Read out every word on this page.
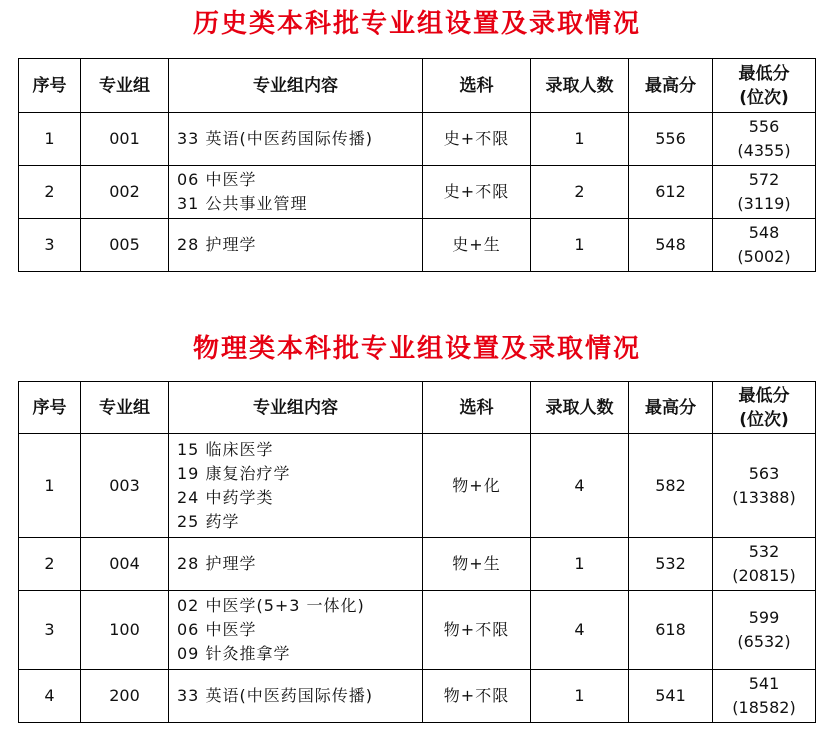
历史类本科批专业组设置及录取情况
序号	专业组	专业组内容	选科	录取人数	最高分	最低分
(位次)

1	001	33 英语(中医药国际传播)	史+不限	1	556	556
(4355)

2	002	06 中医学
31 公共事业管理	史+不限	2	612	572
(3119)

3	005	28 护理学	史+生	1	548	548
(5002)
物理类本科批专业组设置及录取情况
序号	专业组	专业组内容	选科	录取人数	最高分	最低分
(位次)

1	003	15 临床医学
19 康复治疗学
24 中药学类
25 药学	物+化	4	582	563
(13388)

2	004	28 护理学	物+生	1	532	532
(20815)

3	100	02 中医学(5+3 一体化)
06 中医学
09 针灸推拿学	物+不限	4	618	599
(6532)

4	200	33 英语(中医药国际传播)	物+不限	1	541	541
(18582)
